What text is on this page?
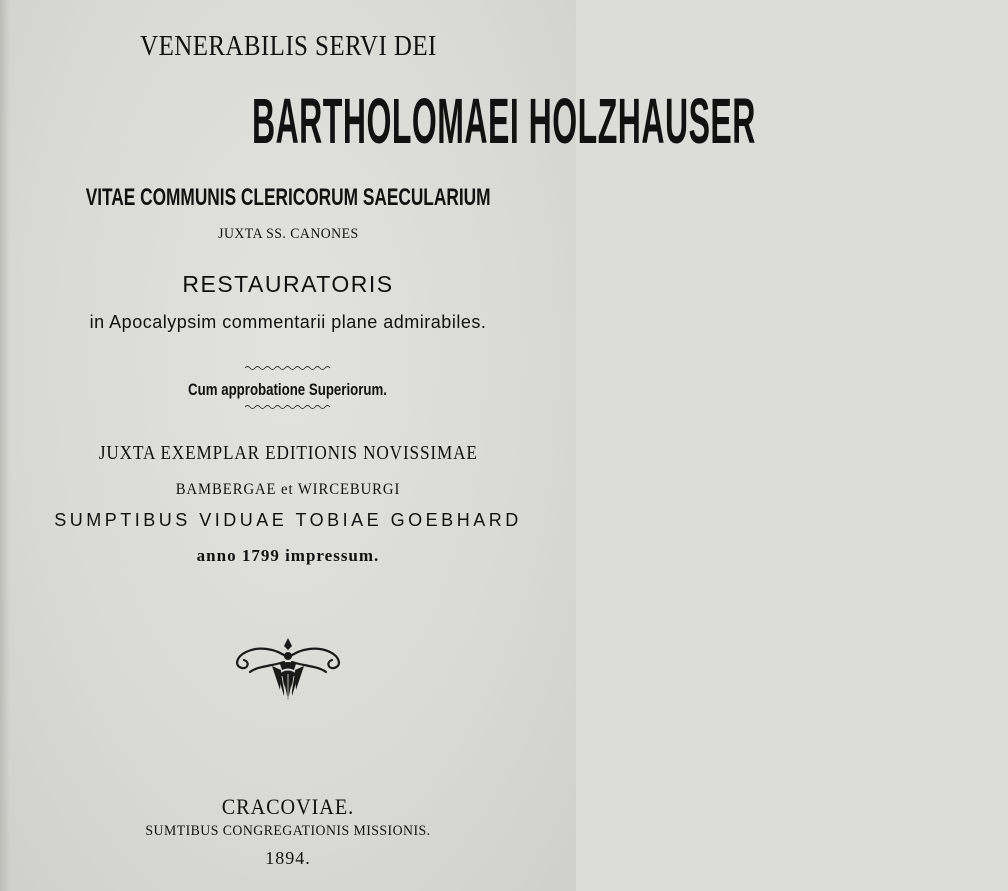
VENERABILIS SERVI DEI

BARTHOLOMAEI HOLZHAUSER

VITAE COMMUNIS CLERICORUM SAECULARIUM

JUXTA SS. CANONES

RESTAURATORIS

in Apocalypsim commentarii plane admirabiles.

Cum approbatione Superiorum.

JUXTA EXEMPLAR EDITIONIS NOVISSIMAE

BAMBERGAE et WIRCEBURGI

SUMPTIBUS VIDUAE TOBIAE GOEBHARD

anno 1799 impressum.

CRACOVIAE.

SUMTIBUS CONGREGATIONIS MISSIONIS.

1894.
